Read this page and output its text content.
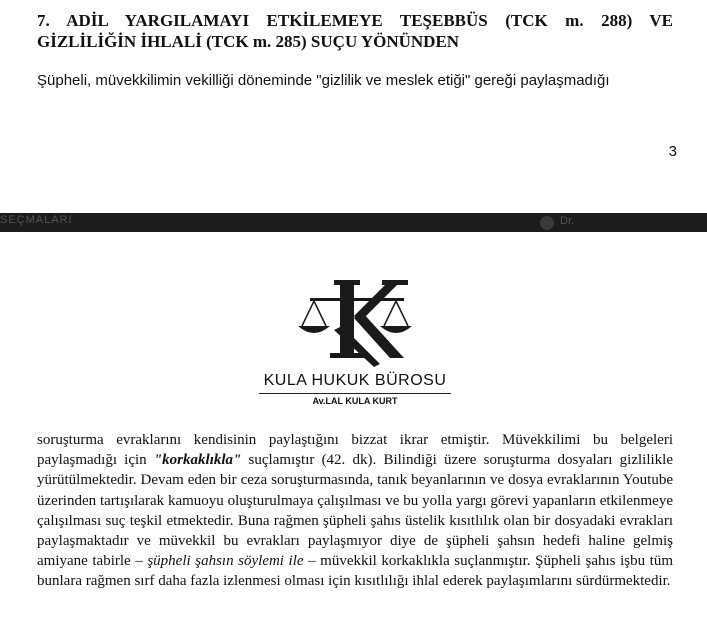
7. ADİL YARGILAMAYI ETKİLEMEYE TEŞEBBÜS (TCK m. 288) VE
GİZLİLİĞİN İHLALİ (TCK m. 285) SUÇU YÖNÜNDEN
Şüpheli, müvekkilimin vekilliği döneminde "gizlilik ve meslek etiği" gereği paylaşmadığı
3
SEÇMALARI	Dr.
KULA HUKUK BÜROSU
Av.LAL KULA KURT

soruşturma evraklarını kendisinin paylaştığını bizzat ikrar etmiştir. Müvekkilimi bu belgeleri paylaşmadığı için "korkaklıkla" suçlamıştır (42. dk). Bilindiği üzere soruşturma dosyaları gizlilikle yürütülmektedir. Devam eden bir ceza soruşturmasında, tanık beyanlarının ve dosya evraklarının Youtube üzerinden tartışılarak kamuoyu oluşturulmaya çalışılması ve bu yolla yargı görevi yapanların etkilenmeye çalışılması suç teşkil etmektedir. Buna rağmen şüpheli şahıs üstelik kısıtlılık olan bir dosyadaki evrakları paylaşmaktadır ve müvekkil bu evrakları paylaşmıyor diye de şüpheli şahsın hedefi haline gelmiş amiyane tabirle – şüpheli şahsın söylemi ile – müvekkil korkaklıkla suçlanmıştır. Şüpheli şahıs işbu tüm bunlara rağmen sırf daha fazla izlenmesi olması için kısıtlılığı ihlal ederek paylaşımlarını sürdürmektedir.
